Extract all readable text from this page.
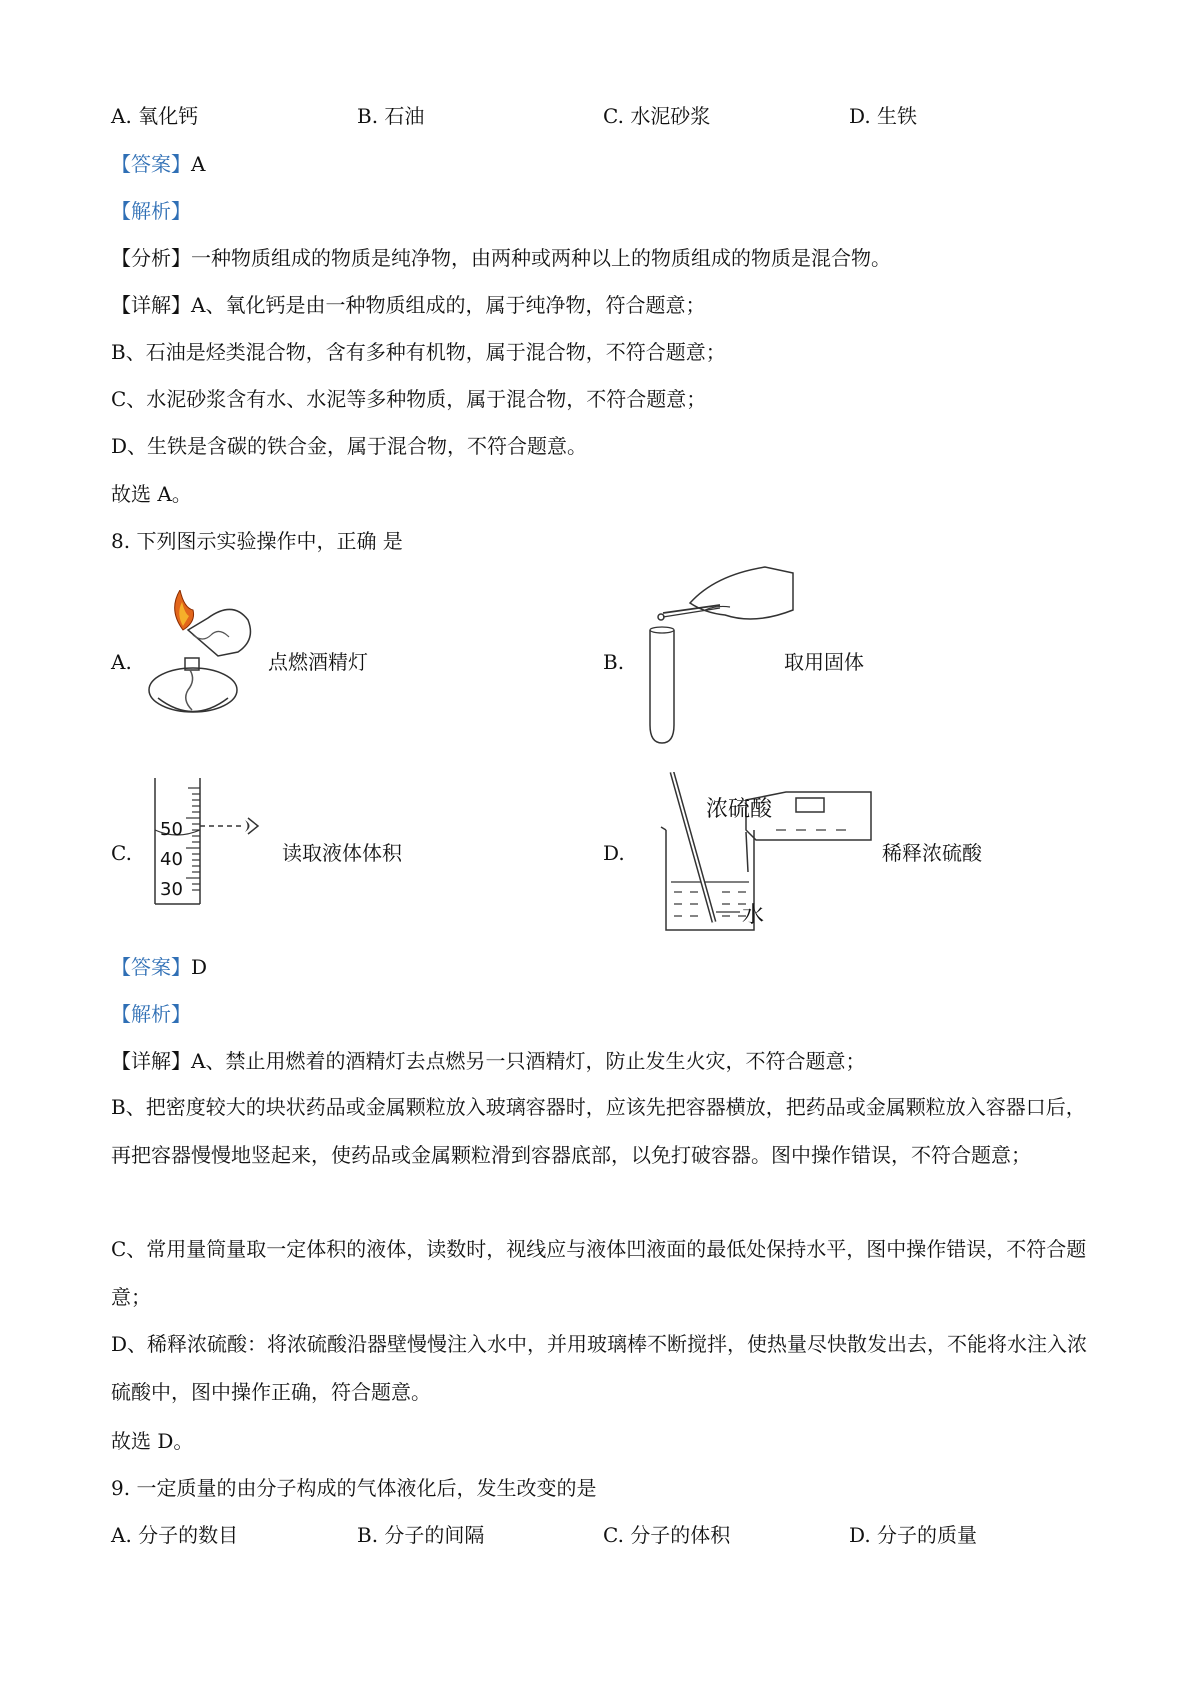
A. 氧化钙	B. 石油	C. 水泥砂浆	D. 生铁
【答案】A
【解析】
【分析】一种物质组成的物质是纯净物，由两种或两种以上的物质组成的物质是混合物。
【详解】A、氧化钙是由一种物质组成的，属于纯净物，符合题意；
B、石油是烃类混合物，含有多种有机物，属于混合物，不符合题意；
C、水泥砂浆含有水、水泥等多种物质，属于混合物，不符合题意；
D、生铁是含碳的铁合金，属于混合物，不符合题意。
故选 A。
8. 下列图示实验操作中，正确 是
A.	点燃酒精灯	B.	取用固体
C.
50
40
30
读取液体体积	D.
浓硫酸
水
稀释浓硫酸
【答案】D
【解析】
【详解】A、禁止用燃着的酒精灯去点燃另一只酒精灯，防止发生火灾，不符合题意；
B、把密度较大的块状药品或金属颗粒放入玻璃容器时，应该先把容器横放，把药品或金属颗粒放入容器口后，再把容器慢慢地竖起来，使药品或金属颗粒滑到容器底部，以免打破容器。图中操作错误，不符合题意；
C、常用量筒量取一定体积的液体，读数时，视线应与液体凹液面的最低处保持水平，图中操作错误，不符合题意；
D、稀释浓硫酸：将浓硫酸沿器壁慢慢注入水中，并用玻璃棒不断搅拌，使热量尽快散发出去，不能将水注入浓硫酸中，图中操作正确，符合题意。
故选 D。
9. 一定质量的由分子构成的气体液化后，发生改变的是
A. 分子的数目	B. 分子的间隔	C. 分子的体积	D. 分子的质量
